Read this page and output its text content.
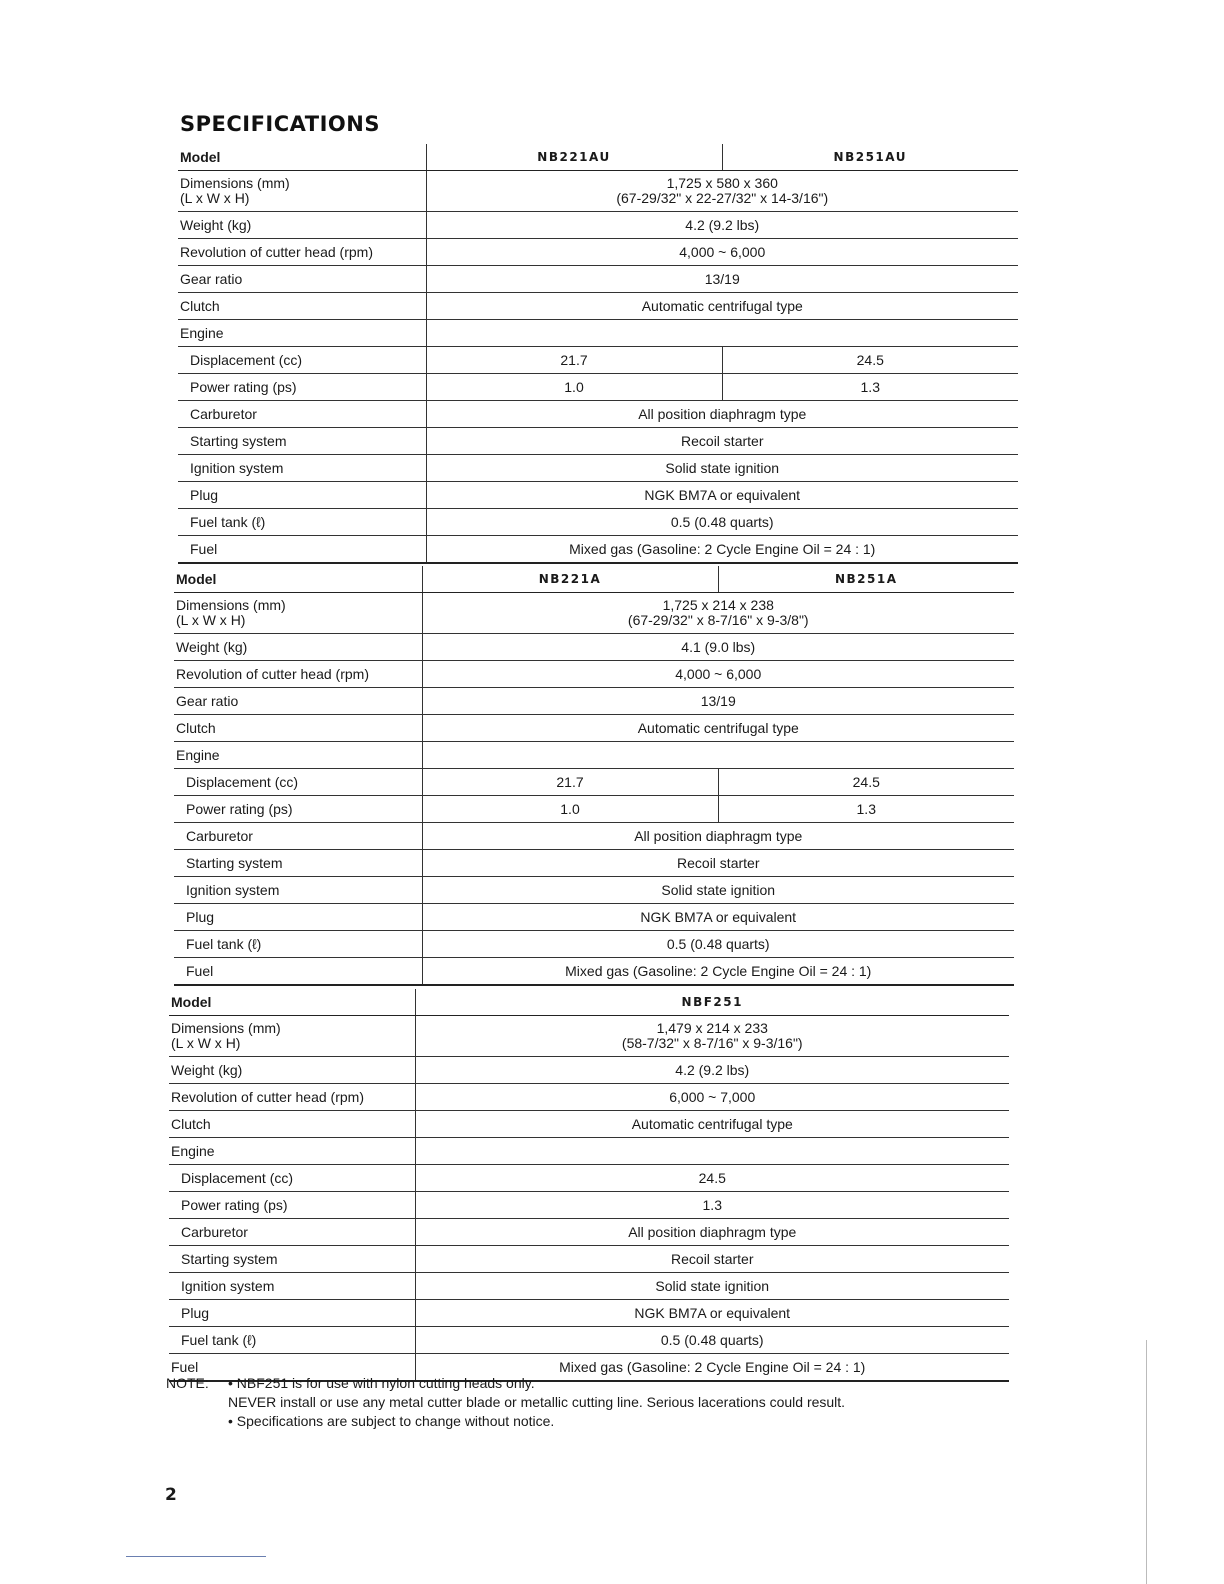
SPECIFICATIONS
Model	NB221AU	NB251AU
Dimensions (mm)
(L x W x H)	1,725 x 580 x 360
(67-29/32" x 22-27/32" x 14-3/16")	
Weight (kg)	4.2 (9.2 lbs)	
Revolution of cutter head (rpm)	4,000 ~ 6,000	
Gear ratio	13/19	
Clutch	Automatic centrifugal type	
Engine		
Displacement (cc)	21.7	24.5
Power rating (ps)	1.0	1.3
Carburetor	All position diaphragm type	
Starting system	Recoil starter	
Ignition system	Solid state ignition	
Plug	NGK BM7A or equivalent	
Fuel tank (ℓ)	0.5 (0.48 quarts)	
Fuel	Mixed gas (Gasoline: 2 Cycle Engine Oil = 24 : 1)	
Model	NB221A	NB251A
Dimensions (mm)
(L x W x H)	1,725 x 214 x 238
(67-29/32" x 8-7/16" x 9-3/8")	
Weight (kg)	4.1 (9.0 lbs)	
Revolution of cutter head (rpm)	4,000 ~ 6,000	
Gear ratio	13/19	
Clutch	Automatic centrifugal type	
Engine		
Displacement (cc)	21.7	24.5
Power rating (ps)	1.0	1.3
Carburetor	All position diaphragm type	
Starting system	Recoil starter	
Ignition system	Solid state ignition	
Plug	NGK BM7A or equivalent	
Fuel tank (ℓ)	0.5 (0.48 quarts)	
Fuel	Mixed gas (Gasoline: 2 Cycle Engine Oil = 24 : 1)	
Model	NBF251
Dimensions (mm)
(L x W x H)	1,479 x 214 x 233
(58-7/32" x 8-7/16" x 9-3/16")
Weight (kg)	4.2 (9.2 lbs)
Revolution of cutter head (rpm)	6,000 ~ 7,000
Clutch	Automatic centrifugal type
Engine	
Displacement (cc)	24.5
Power rating (ps)	1.3
Carburetor	All position diaphragm type
Starting system	Recoil starter
Ignition system	Solid state ignition
Plug	NGK BM7A or equivalent
Fuel tank (ℓ)	0.5 (0.48 quarts)
Fuel	Mixed gas (Gasoline: 2 Cycle Engine Oil = 24 : 1)
NOTE:	• NBF251 is for use with nylon cutting heads only.
NEVER install or use any metal cutter blade or metallic cutting line. Serious lacerations could result.
• Specifications are subject to change without notice.
2
